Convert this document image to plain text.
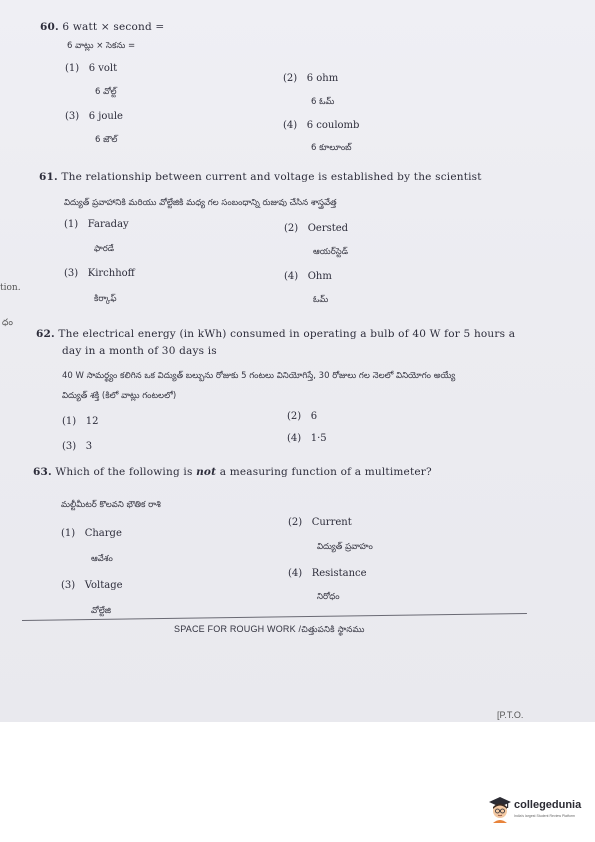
tion.
ధం
60. 6 watt × second =
6 వాట్లు × సెకను =
(1) 6 volt
6 వోల్ట్
(2) 6 ohm
6 ఓమ్
(3) 6 joule
6 జౌల్
(4) 6 coulomb
6 కూలూంబ్
61. The relationship between current and voltage is established by the scientist
విద్యుత్ ప్రవాహానికి మరియు వోల్టేజికి మధ్య గల సంబంధాన్ని రుజువు చేసిన శాస్త్రవేత్త
(1) Faraday
ఫారడే
(2) Oersted
ఆయర్‌స్టెడ్
(3) Kirchhoff
కిర్కాఫ్
(4) Ohm
ఓమ్
62. The electrical energy (in kWh) consumed in operating a bulb of 40 W for 5 hours a
day in a month of 30 days is
40 W సామర్థ్యం కలిగిన ఒక విద్యుత్ బల్బును రోజుకు 5 గంటలు వినియోగిస్తే, 30 రోజులు గల నెలలో వినియోగం అయ్యే
విద్యుత్ శక్తి (కిలో వాట్లు గంటలలో)
(1) 12	(2) 6
(3) 3
(4) 1·5
63. Which of the following is not a measuring function of a multimeter?
మల్టీమీటర్ కొలవని భౌతిక రాశి
(1) Charge
ఆవేశం
(2) Current
విద్యుత్ ప్రవాహం
(3) Voltage
వోల్టేజి
(4) Resistance
నిరోధం
SPACE FOR ROUGH WORK /చిత్తుపనికి స్థానము
[P.T.O.
collegedunia
India's largest Student Review Platform
